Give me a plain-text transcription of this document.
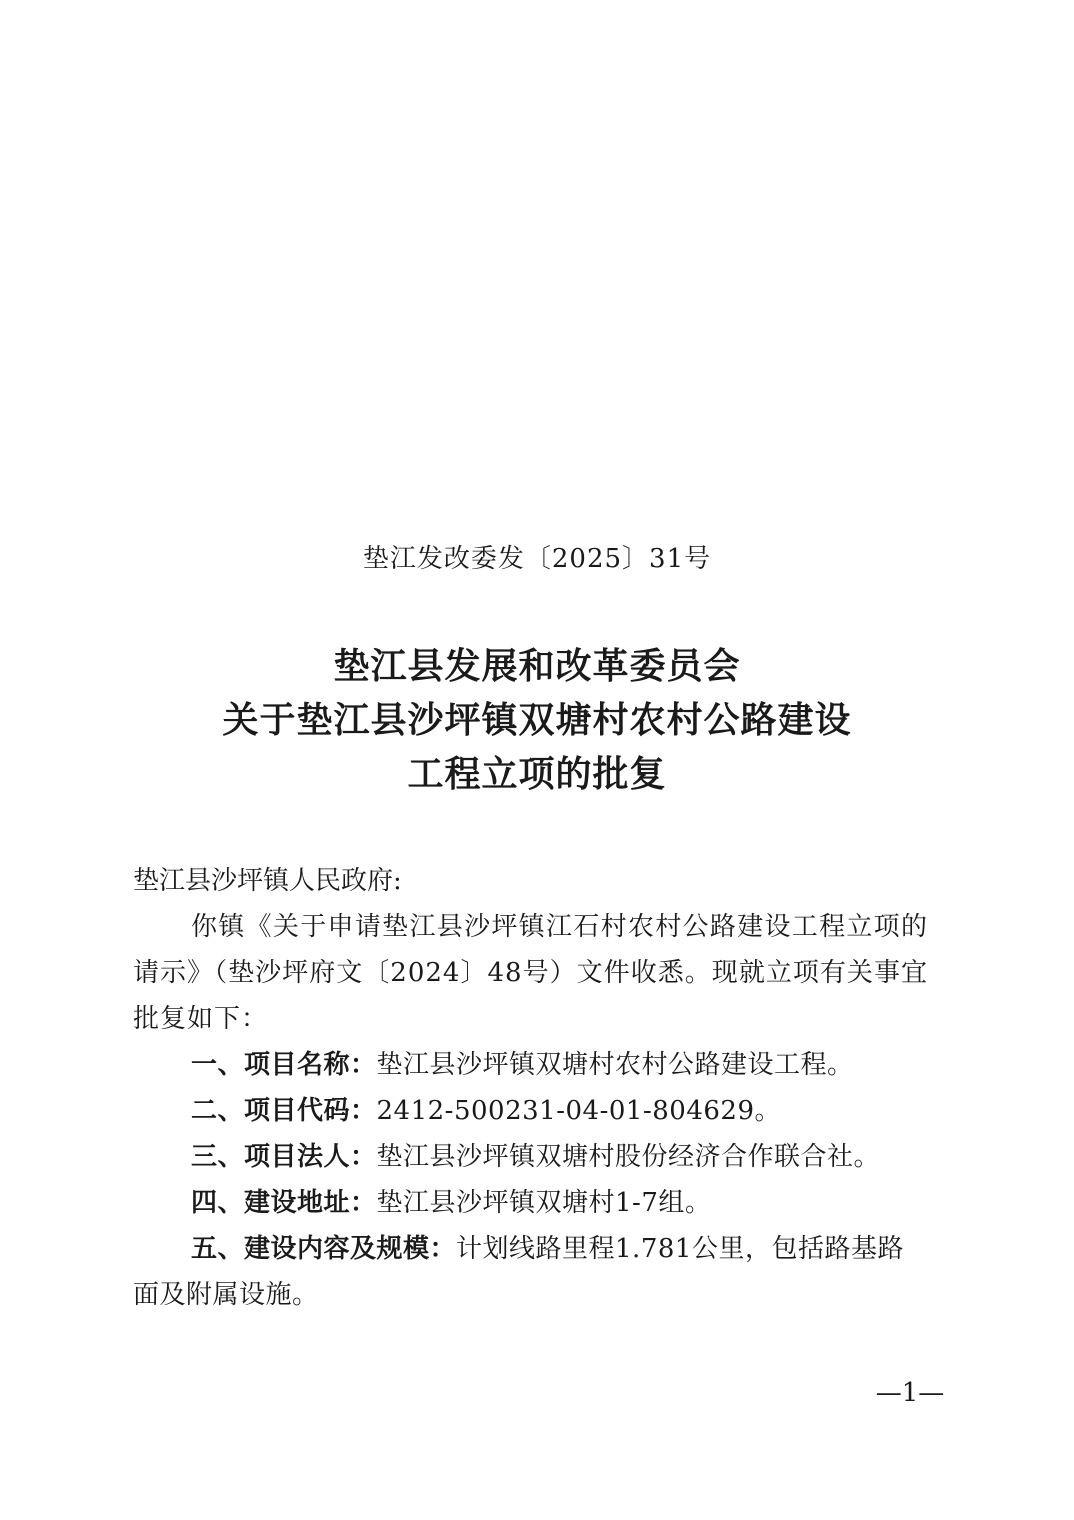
垫江发改委发〔2025〕31号
垫江县发展和改革委员会
关于垫江县沙坪镇双塘村农村公路建设
工程立项的批复

垫江县沙坪镇人民政府:

你镇《关于申请垫江县沙坪镇江石村农村公路建设工程立项的请示》（垫沙坪府文〔2024〕48号）文件收悉。现就立项有关事宜批复如下：

一、项目名称：垫江县沙坪镇双塘村农村公路建设工程。

二、项目代码：2412-500231-04-01-804629。

三、项目法人：垫江县沙坪镇双塘村股份经济合作联合社。

四、建设地址：垫江县沙坪镇双塘村1-7组。

五、建设内容及规模：计划线路里程1.781公里，包括路基路面及附属设施。

—1—
